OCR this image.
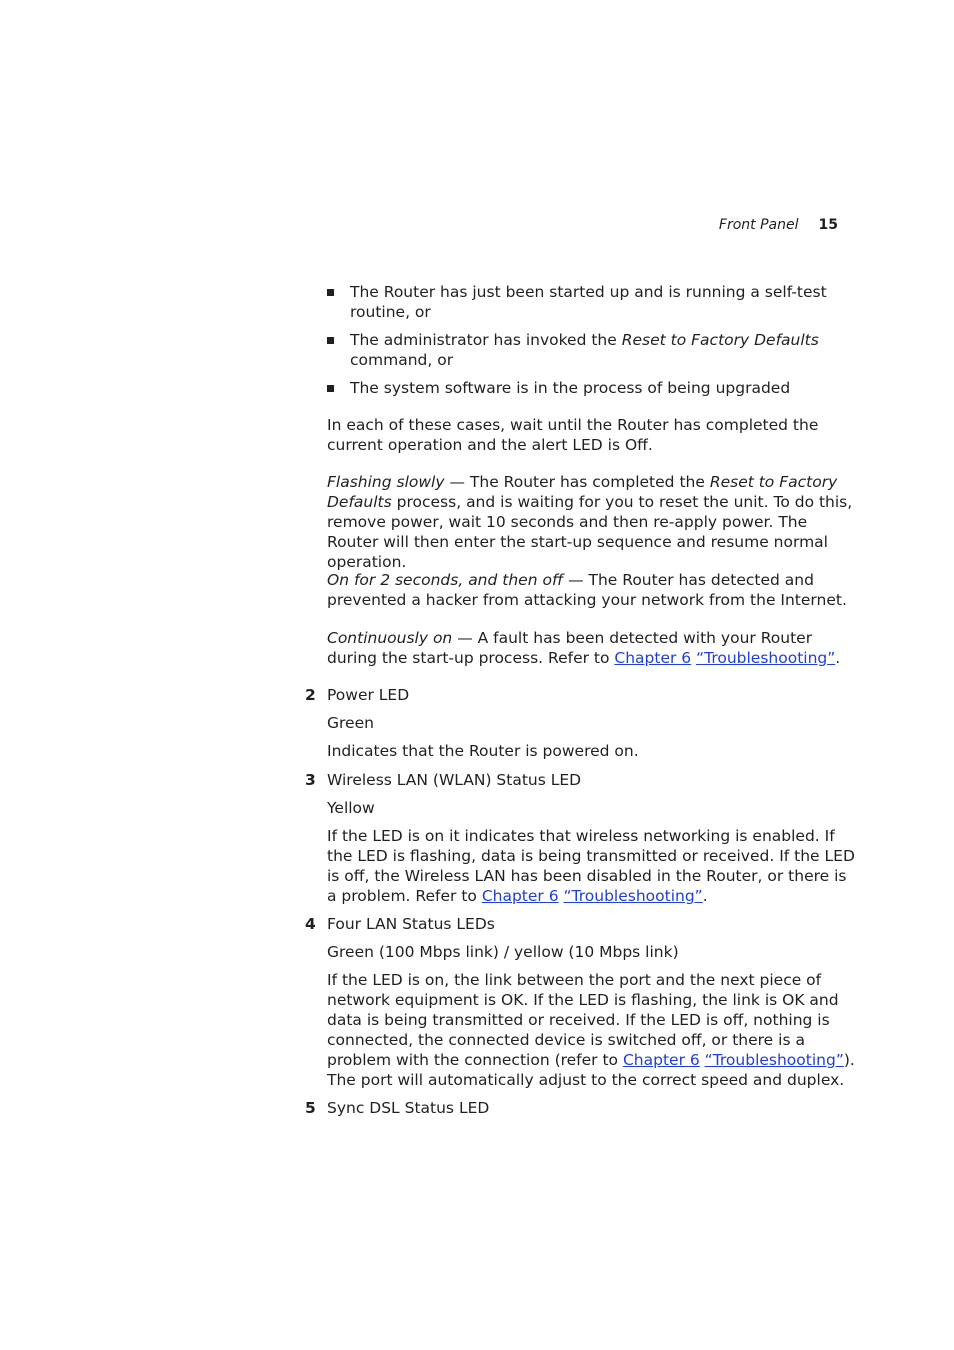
Front Panel 15
The Router has just been started up and is running a self-test routine, or
The administrator has invoked the Reset to Factory Defaults command, or
The system software is in the process of being upgraded

In each of these cases, wait until the Router has completed the current operation and the alert LED is Off.

Flashing slowly — The Router has completed the Reset to Factory Defaults process, and is waiting for you to reset the unit. To do this, remove power, wait 10 seconds and then re-apply power. The Router will then enter the start-up sequence and resume normal operation.

On for 2 seconds, and then off — The Router has detected and prevented a hacker from attacking your network from the Internet.

Continuously on — A fault has been detected with your Router during the start-up process. Refer to Chapter 6 “Troubleshooting”.

2 Power LED

Green

Indicates that the Router is powered on.

3 Wireless LAN (WLAN) Status LED

Yellow

If the LED is on it indicates that wireless networking is enabled. If the LED is flashing, data is being transmitted or received. If the LED is off, the Wireless LAN has been disabled in the Router, or there is a problem. Refer to Chapter 6 “Troubleshooting”.

4 Four LAN Status LEDs

Green (100 Mbps link) / yellow (10 Mbps link)

If the LED is on, the link between the port and the next piece of network equipment is OK. If the LED is flashing, the link is OK and data is being transmitted or received. If the LED is off, nothing is connected, the connected device is switched off, or there is a problem with the connection (refer to Chapter 6 “Troubleshooting”). The port will automatically adjust to the correct speed and duplex.

5 Sync DSL Status LED
